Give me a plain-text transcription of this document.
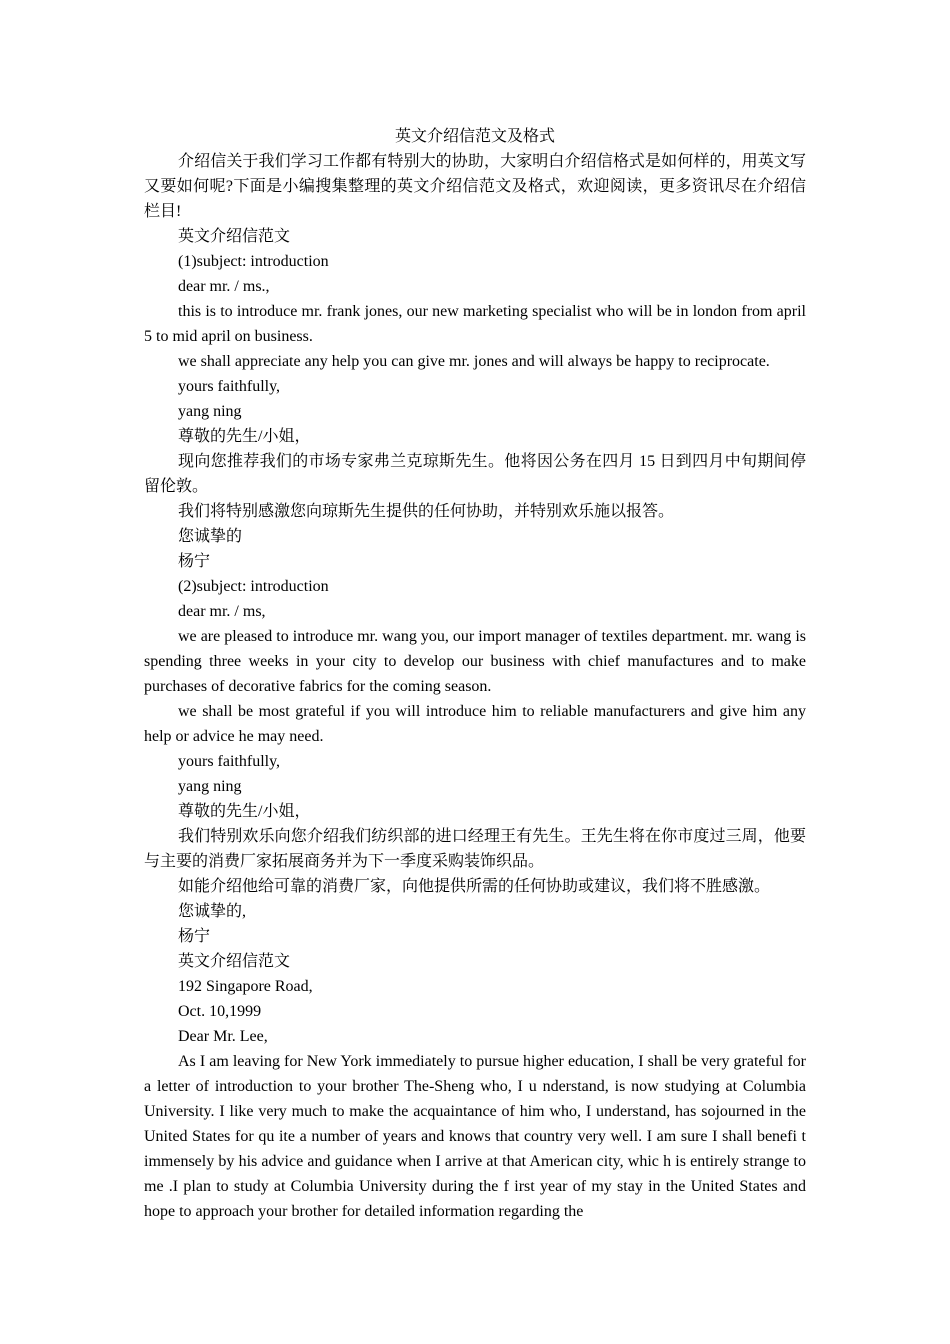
英文介绍信范文及格式

介绍信关于我们学习工作都有特别大的协助，大家明白介绍信格式是如何样的，用英文写又要如何呢?下面是小编搜集整理的英文介绍信范文及格式，欢迎阅读，更多资讯尽在介绍信栏目!

英文介绍信范文

(1)subject: introduction

dear mr. / ms.,

this is to introduce mr. frank jones, our new marketing specialist who will be in london from april 5 to mid april on business.

we shall appreciate any help you can give mr. jones and will always be happy to reciprocate.

yours faithfully,

yang ning

尊敬的先生/小姐，

现向您推荐我们的市场专家弗兰克琼斯先生。他将因公务在四月 15 日到四月中旬期间停留伦敦。

我们将特别感激您向琼斯先生提供的任何协助，并特别欢乐施以报答。

您诚挚的

杨宁

(2)subject: introduction

dear mr. / ms,

we are pleased to introduce mr. wang you, our import manager of textiles department. mr. wang is spending three weeks in your city to develop our business with chief manufactures and to make purchases of decorative fabrics for the coming season.

we shall be most grateful if you will introduce him to reliable manufacturers and give him any help or advice he may need.

yours faithfully,

yang ning

尊敬的先生/小姐，

我们特别欢乐向您介绍我们纺织部的进口经理王有先生。王先生将在你市度过三周，他要与主要的消费厂家拓展商务并为下一季度采购装饰织品。

如能介绍他给可靠的消费厂家，向他提供所需的任何协助或建议，我们将不胜感激。

您诚挚的,

杨宁

英文介绍信范文

192 Singapore Road,

Oct. 10,1999

Dear Mr. Lee,

As I am leaving for New York immediately to pursue higher education, I shall be very grateful for a letter of introduction to your brother The-Sheng who, I u nderstand, is now studying at Columbia University. I like very much to make the acquaintance of him who, I understand, has sojourned in the United States for qu ite a number of years and knows that country very well. I am sure I shall benefi t immensely by his advice and guidance when I arrive at that American city, whic h is entirely strange to me .I plan to study at Columbia University during the f irst year of my stay in the United States and hope to approach your brother for detailed information regarding the
